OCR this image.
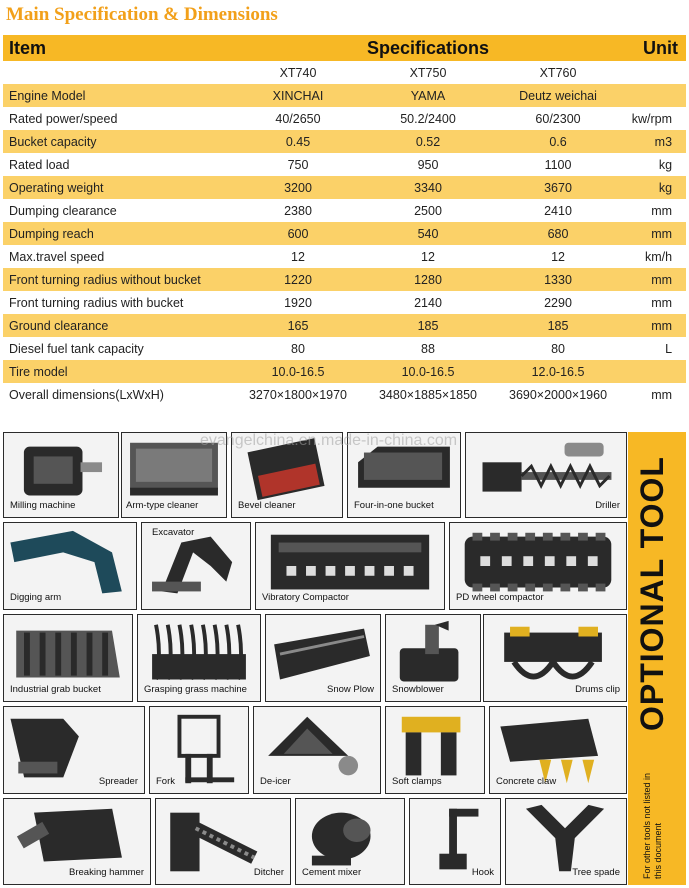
Main Specification & Dimensions
Item	Specifications			Unit
	XT740	XT750	XT760	
Engine Model	XINCHAI	YAMA	Deutz weichai	
Rated power/speed	40/2650	50.2/2400	60/2300	kw/rpm
Bucket capacity	0.45	0.52	0.6	m3
Rated load	750	950	1100	kg
Operating weight	3200	3340	3670	kg
Dumping clearance	2380	2500	2410	mm
Dumping reach	600	540	680	mm
Max.travel speed	12	12	12	km/h
Front turning radius without bucket	1220	1280	1330	mm
Front turning radius with bucket	1920	2140	2290	mm
Ground clearance	165	185	185	mm
Diesel fuel tank capacity	80	88	80	L
Tire model	10.0-16.5	10.0-16.5	12.0-16.5	
Overall dimensions(LxWxH)	3270×1800×1970	3480×1885×1850	3690×2000×1960	mm
Milling machine	Arm-type cleaner	Bevel cleaner	Four-in-one bucket	Driller
Digging arm
Excavator
Vibratory Compactor	PD wheel compactor
Industrial grab bucket	Grasping grass machine	Snow Plow Snowblower	Drums clip
Spreader Fork	De-icer	Soft clamps	Concrete claw
Breaking hammer	Ditcher Cement mixer	Hook	Tree spade
evangelchina.en.made-in-china.com
OPTIONAL TOOL
For other tools not listed in this document
